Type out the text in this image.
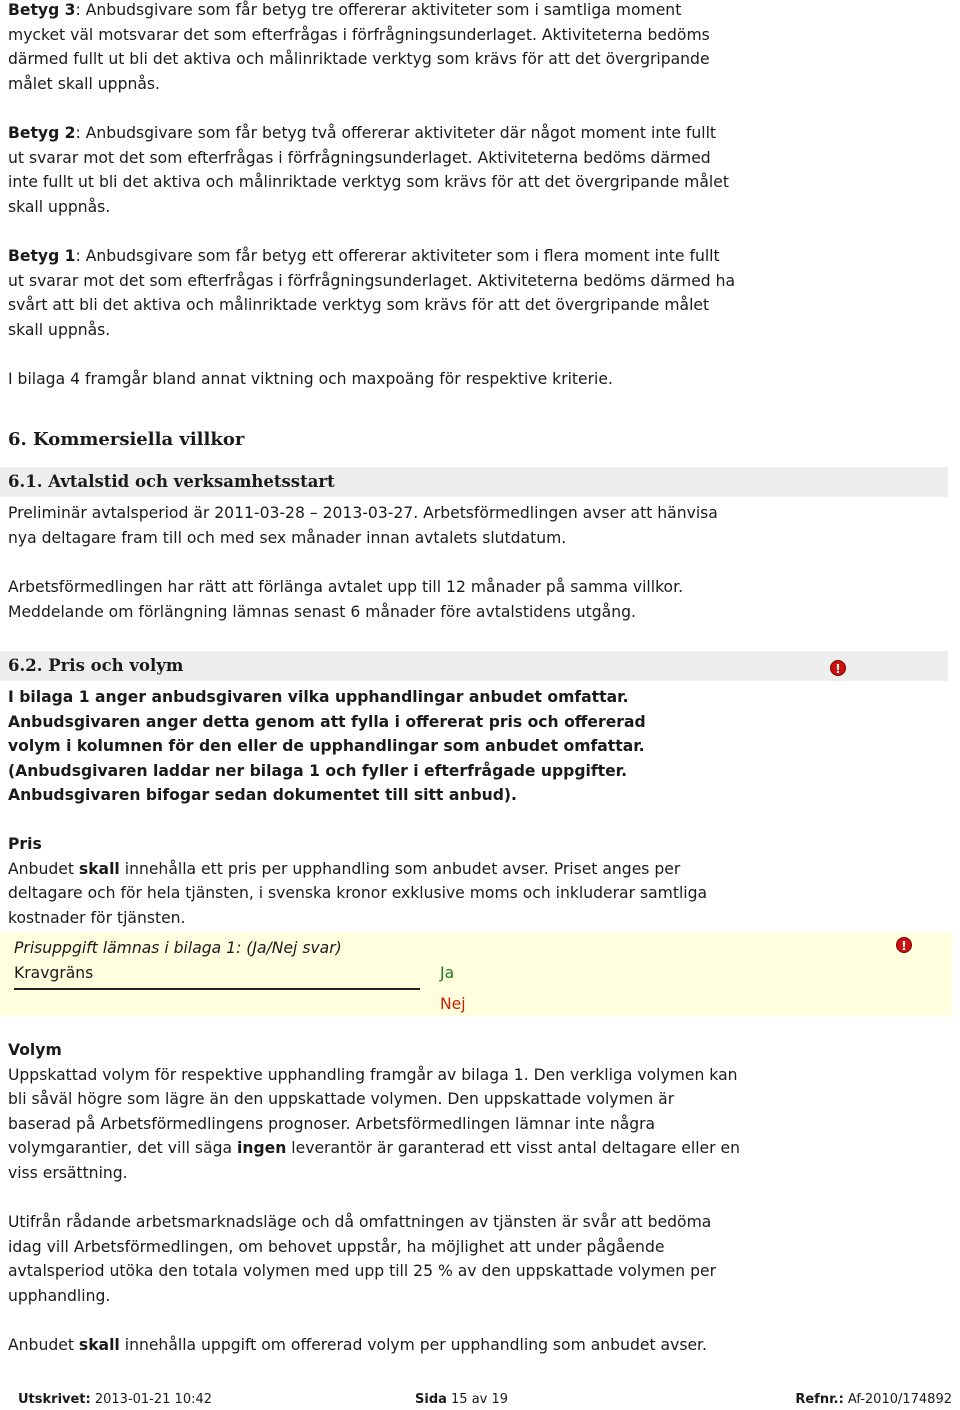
Betyg 3: Anbudsgivare som får betyg tre offererar aktiviteter som i samtliga moment

mycket väl motsvarar det som efterfrågas i förfrågningsunderlaget. Aktiviteterna bedöms

därmed fullt ut bli det aktiva och målinriktade verktyg som krävs för att det övergripande

målet skall uppnås.

Betyg 2: Anbudsgivare som får betyg två offererar aktiviteter där något moment inte fullt

ut svarar mot det som efterfrågas i förfrågningsunderlaget. Aktiviteterna bedöms därmed

inte fullt ut bli det aktiva och målinriktade verktyg som krävs för att det övergripande målet

skall uppnås.

Betyg 1: Anbudsgivare som får betyg ett offererar aktiviteter som i flera moment inte fullt

ut svarar mot det som efterfrågas i förfrågningsunderlaget. Aktiviteterna bedöms därmed ha

svårt att bli det aktiva och målinriktade verktyg som krävs för att det övergripande målet

skall uppnås.

I bilaga 4 framgår bland annat viktning och maxpoäng för respektive kriterie.

6. Kommersiella villkor
6.1. Avtalstid och verksamhetsstart

Preliminär avtalsperiod är 2011-03-28 – 2013-03-27. Arbetsförmedlingen avser att hänvisa

nya deltagare fram till och med sex månader innan avtalets slutdatum.

Arbetsförmedlingen har rätt att förlänga avtalet upp till 12 månader på samma villkor.

Meddelande om förlängning lämnas senast 6 månader före avtalstidens utgång.

6.2. Pris och volym	!

I bilaga 1 anger anbudsgivaren vilka upphandlingar anbudet omfattar.

Anbudsgivaren anger detta genom att fylla i offererat pris och offererad

volym i kolumnen för den eller de upphandlingar som anbudet omfattar.

(Anbudsgivaren laddar ner bilaga 1 och fyller i efterfrågade uppgifter.

Anbudsgivaren bifogar sedan dokumentet till sitt anbud).

Pris

Anbudet skall innehålla ett pris per upphandling som anbudet avser. Priset anges per

deltagare och för hela tjänsten, i svenska kronor exklusive moms och inkluderar samtliga

kostnader för tjänsten.

Prisuppgift lämnas i bilaga 1: (Ja/Nej svar)
Kravgräns	Ja
Nej
!

Volym

Uppskattad volym för respektive upphandling framgår av bilaga 1. Den verkliga volymen kan

bli såväl högre som lägre än den uppskattade volymen. Den uppskattade volymen är

baserad på Arbetsförmedlingens prognoser. Arbetsförmedlingen lämnar inte några

volymgarantier, det vill säga ingen leverantör är garanterad ett visst antal deltagare eller en

viss ersättning.

Utifrån rådande arbetsmarknadsläge och då omfattningen av tjänsten är svår att bedöma

idag vill Arbetsförmedlingen, om behovet uppstår, ha möjlighet att under pågående

avtalsperiod utöka den totala volymen med upp till 25 % av den uppskattade volymen per

upphandling.

Anbudet skall innehålla uppgift om offererad volym per upphandling som anbudet avser.

Utskrivet: 2013-01-21 10:42	Sida 15 av 19	Refnr.: Af-2010/174892
